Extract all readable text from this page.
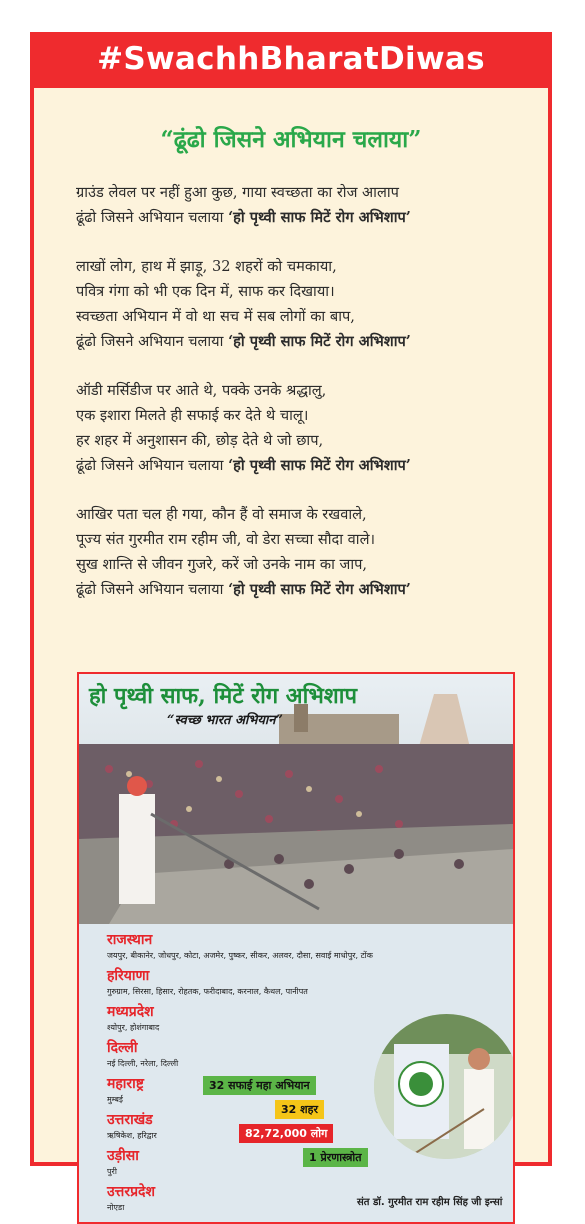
#SwachhBharatDiwas
“ढूंढो जिसने अभियान चलाया”
ग्राउंड लेवल पर नहीं हुआ कुछ, गाया स्वच्छता का रोज आलाप
ढूंढो जिसने अभियान चलाया ‘हो पृथ्वी साफ मिटें रोग अभिशाप’
लाखों लोग, हाथ में झाड़ू, 32 शहरों को चमकाया,
पवित्र गंगा को भी एक दिन में, साफ कर दिखाया।
स्वच्छता अभियान में वो था सच में सब लोगों का बाप,
ढूंढो जिसने अभियान चलाया ‘हो पृथ्वी साफ मिटें रोग अभिशाप’
ऑडी मर्सिडीज पर आते थे, पक्के उनके श्रद्धालु,
एक इशारा मिलते ही सफाई कर देते थे चालू।
हर शहर में अनुशासन की, छोड़ देते थे जो छाप,
ढूंढो जिसने अभियान चलाया ‘हो पृथ्वी साफ मिटें रोग अभिशाप’
आखिर पता चल ही गया, कौन हैं वो समाज के रखवाले,
पूज्य संत गुरमीत राम रहीम जी, वो डेरा सच्चा सौदा वाले।
सुख शान्ति से जीवन गुजरे, करें जो उनके नाम का जाप,
ढूंढो जिसने अभियान चलाया ‘हो पृथ्वी साफ मिटें रोग अभिशाप’
हो पृथ्वी साफ, मिटें रोग अभिशाप
“स्वच्छ भारत अभियान”
राजस्थान
जयपुर, बीकानेर, जोधपुर, कोटा, अजमेर, पुष्कर, सीकर, अलवर, दौसा, सवाई माधोपुर, टोंक
हरियाणा
गुरुग्राम, सिरसा, हिसार, रोहतक, फरीदाबाद, करनाल, कैथल, पानीपत
मध्यप्रदेश
श्योपुर, होशंगाबाद
दिल्ली
नई दिल्ली, नरेला, दिल्ली
महाराष्ट्र
मुम्बई
उत्तराखंड
ऋषिकेश, हरिद्वार
उड़ीसा
पुरी
उत्तरप्रदेश
नोएडा
32 सफाई महा अभियान
32 शहर
82,72,000 लोग
1 प्रेरणास्त्रोत
संत डॉ. गुरमीत राम रहीम सिंह जी इन्सां
